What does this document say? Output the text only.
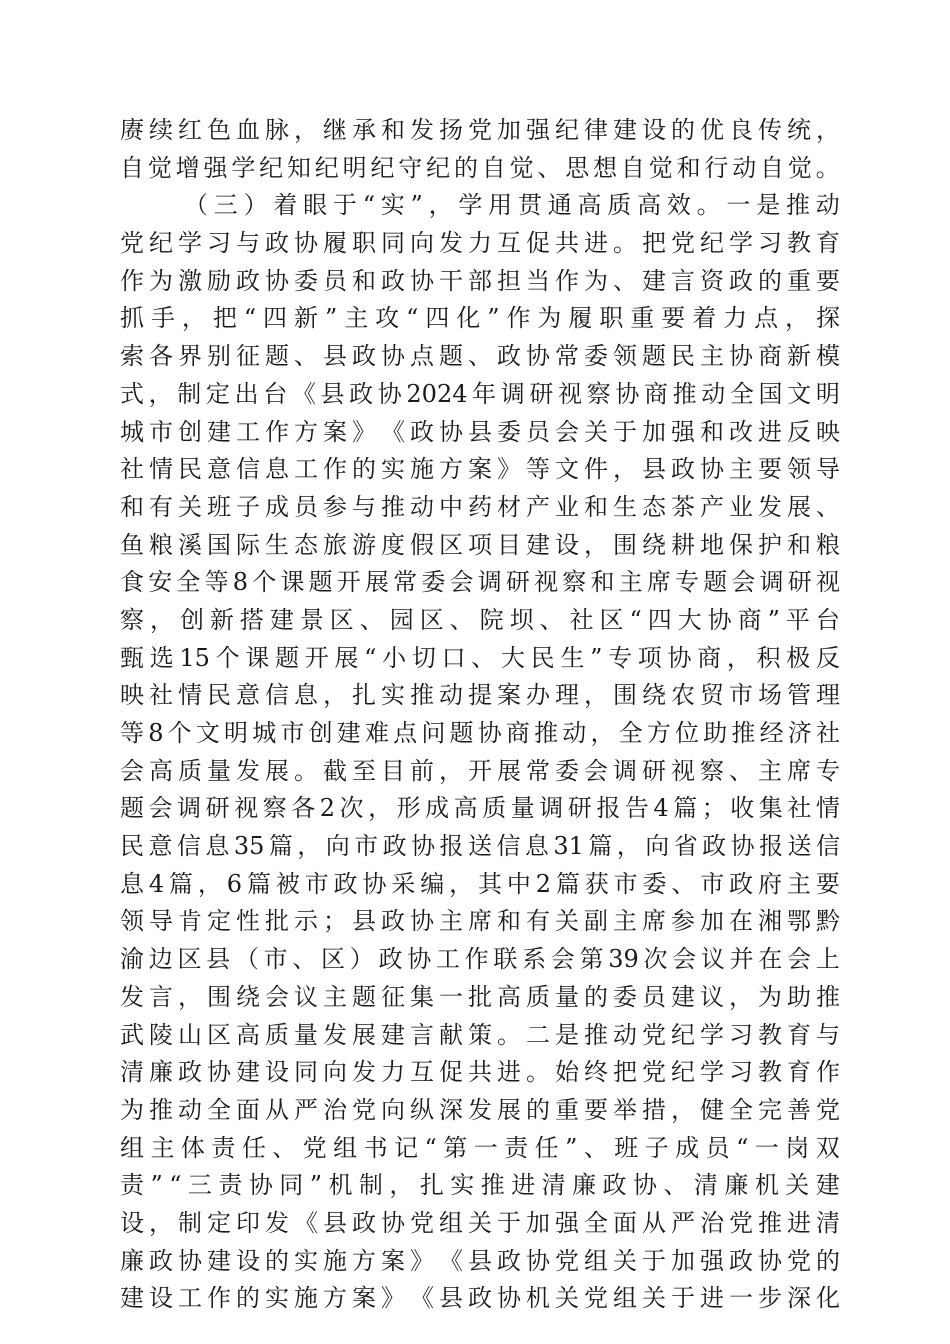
赓 续 红 色 血 脉 ， 继 承 和 发 扬 党 加 强 纪 律 建 设 的 优 良 传 统 ，
自 觉 增 强 学 纪 知 纪 明 纪 守 纪 的 自 觉 、 思 想 自 觉 和 行 动 自 觉 。
（ 三 ） 着 眼 于 “ 实 ” ， 学 用 贯 通 高 质 高 效 。 一 是 推 动
党 纪 学 习 与 政 协 履 职 同 向 发 力 互 促 共 进 。 把 党 纪 学 习 教 育
作 为 激 励 政 协 委 员 和 政 协 干 部 担 当 作 为 、 建 言 资 政 的 重 要
抓 手 ， 把 “ 四 新 ” 主 攻 “ 四 化 ” 作 为 履 职 重 要 着 力 点 ， 探
索 各 界 别 征 题 、 县 政 协 点 题 、 政 协 常 委 领 题 民 主 协 商 新 模
式 ， 制 定 出 台 《 县 政 协 2024 年 调 研 视 察 协 商 推 动 全 国 文 明
城 市 创 建 工 作 方 案 》 《 政 协 县 委 员 会 关 于 加 强 和 改 进 反 映
社 情 民 意 信 息 工 作 的 实 施 方 案 》 等 文 件 ， 县 政 协 主 要 领 导
和 有 关 班 子 成 员 参 与 推 动 中 药 材 产 业 和 生 态 茶 产 业 发 展 、
鱼 粮 溪 国 际 生 态 旅 游 度 假 区 项 目 建 设 ， 围 绕 耕 地 保 护 和 粮
食 安 全 等 8 个 课 题 开 展 常 委 会 调 研 视 察 和 主 席 专 题 会 调 研 视
察 ， 创 新 搭 建 景 区 、 园 区 、 院 坝 、 社 区 “ 四 大 协 商 ” 平 台
甄 选 15 个 课 题 开 展 “ 小 切 口 、 大 民 生 ” 专 项 协 商 ， 积 极 反
映 社 情 民 意 信 息 ， 扎 实 推 动 提 案 办 理 ， 围 绕 农 贸 市 场 管 理
等 8 个 文 明 城 市 创 建 难 点 问 题 协 商 推 动 ， 全 方 位 助 推 经 济 社
会 高 质 量 发 展 。 截 至 目 前 ， 开 展 常 委 会 调 研 视 察 、 主 席 专
题 会 调 研 视 察 各 2 次 ， 形 成 高 质 量 调 研 报 告 4 篇 ； 收 集 社 情
民 意 信 息 35 篇 ， 向 市 政 协 报 送 信 息 31 篇 ， 向 省 政 协 报 送 信
息 4 篇 ， 6 篇 被 市 政 协 采 编 ， 其 中 2 篇 获 市 委 、 市 政 府 主 要
领 导 肯 定 性 批 示 ； 县 政 协 主 席 和 有 关 副 主 席 参 加 在 湘 鄂 黔
渝 边 区 县 （ 市 、 区 ） 政 协 工 作 联 系 会 第 39 次 会 议 并 在 会 上
发 言 ， 围 绕 会 议 主 题 征 集 一 批 高 质 量 的 委 员 建 议 ， 为 助 推
武 陵 山 区 高 质 量 发 展 建 言 献 策 。 二 是 推 动 党 纪 学 习 教 育 与
清 廉 政 协 建 设 同 向 发 力 互 促 共 进 。 始 终 把 党 纪 学 习 教 育 作
为 推 动 全 面 从 严 治 党 向 纵 深 发 展 的 重 要 举 措 ， 健 全 完 善 党
组 主 体 责 任 、 党 组 书 记 “ 第 一 责 任 ” 、 班 子 成 员 “ 一 岗 双
责 ” “ 三 责 协 同 ” 机 制 ， 扎 实 推 进 清 廉 政 协 、 清 廉 机 关 建
设 ， 制 定 印 发 《 县 政 协 党 组 关 于 加 强 全 面 从 严 治 党 推 进 清
廉 政 协 建 设 的 实 施 方 案 》 《 县 政 协 党 组 关 于 加 强 政 协 党 的
建 设 工 作 的 实 施 方 案 》 《 县 政 协 机 关 党 组 关 于 进 一 步 深 化
